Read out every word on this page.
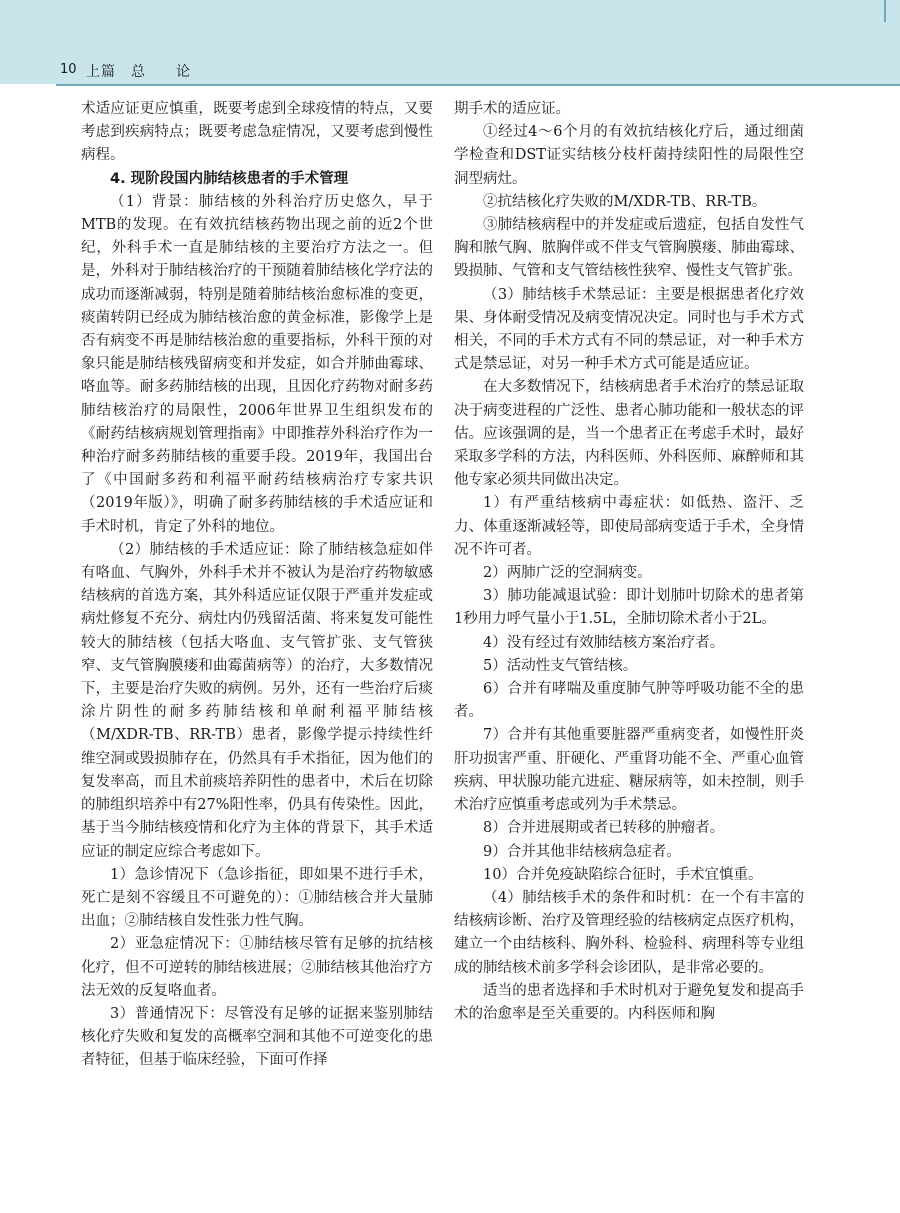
10 上篇　总　　论

术适应证更应慎重，既要考虑到全球疫情的特点，又要考虑到疾病特点；既要考虑急症情况，又要考虑到慢性病程。

4. 现阶段国内肺结核患者的手术管理

（1）背景：肺结核的外科治疗历史悠久，早于MTB的发现。在有效抗结核药物出现之前的近2个世纪，外科手术一直是肺结核的主要治疗方法之一。但是，外科对于肺结核治疗的干预随着肺结核化学疗法的成功而逐渐减弱，特别是随着肺结核治愈标准的变更，痰菌转阴已经成为肺结核治愈的黄金标准，影像学上是否有病变不再是肺结核治愈的重要指标，外科干预的对象只能是肺结核残留病变和并发症，如合并肺曲霉球、咯血等。耐多药肺结核的出现，且因化疗药物对耐多药肺结核治疗的局限性，2006年世界卫生组织发布的《耐药结核病规划管理指南》中即推荐外科治疗作为一种治疗耐多药肺结核的重要手段。2019年，我国出台了《中国耐多药和利福平耐药结核病治疗专家共识（2019年版）》，明确了耐多药肺结核的手术适应证和手术时机，肯定了外科的地位。

（2）肺结核的手术适应证：除了肺结核急症如伴有咯血、气胸外，外科手术并不被认为是治疗药物敏感结核病的首选方案，其外科适应证仅限于严重并发症或病灶修复不充分、病灶内仍残留活菌、将来复发可能性较大的肺结核（包括大咯血、支气管扩张、支气管狭窄、支气管胸膜瘘和曲霉菌病等）的治疗，大多数情况下，主要是治疗失败的病例。另外，还有一些治疗后痰涂片阴性的耐多药肺结核和单耐利福平肺结核（M/XDR-TB、RR-TB）患者，影像学提示持续性纤维空洞或毁损肺存在，仍然具有手术指征，因为他们的复发率高，而且术前痰培养阴性的患者中，术后在切除的肺组织培养中有27%阳性率，仍具有传染性。因此，基于当今肺结核疫情和化疗为主体的背景下，其手术适应证的制定应综合考虑如下。

1）急诊情况下（急诊指征，即如果不进行手术，死亡是刻不容缓且不可避免的）：①肺结核合并大量肺出血；②肺结核自发性张力性气胸。

2）亚急症情况下：①肺结核尽管有足够的抗结核化疗，但不可逆转的肺结核进展；②肺结核其他治疗方法无效的反复咯血者。

3）普通情况下：尽管没有足够的证据来鉴别肺结核化疗失败和复发的高概率空洞和其他不可逆变化的患者特征，但基于临床经验，下面可作择

期手术的适应证。

①经过4～6个月的有效抗结核化疗后，通过细菌学检查和DST证实结核分枝杆菌持续阳性的局限性空洞型病灶。

②抗结核化疗失败的M/XDR-TB、RR-TB。

③肺结核病程中的并发症或后遗症，包括自发性气胸和脓气胸、脓胸伴或不伴支气管胸膜瘘、肺曲霉球、毁损肺、气管和支气管结核性狭窄、慢性支气管扩张。

（3）肺结核手术禁忌证：主要是根据患者化疗效果、身体耐受情况及病变情况决定。同时也与手术方式相关，不同的手术方式有不同的禁忌证，对一种手术方式是禁忌证，对另一种手术方式可能是适应证。

在大多数情况下，结核病患者手术治疗的禁忌证取决于病变进程的广泛性、患者心肺功能和一般状态的评估。应该强调的是，当一个患者正在考虑手术时，最好采取多学科的方法，内科医师、外科医师、麻醉师和其他专家必须共同做出决定。

1）有严重结核病中毒症状：如低热、盗汗、乏力、体重逐渐减轻等，即使局部病变适于手术，全身情况不许可者。

2）两肺广泛的空洞病变。

3）肺功能减退试验：即计划肺叶切除术的患者第1秒用力呼气量小于1.5L，全肺切除术者小于2L。

4）没有经过有效肺结核方案治疗者。

5）活动性支气管结核。

6）合并有哮喘及重度肺气肿等呼吸功能不全的患者。

7）合并有其他重要脏器严重病变者，如慢性肝炎肝功损害严重、肝硬化、严重肾功能不全、严重心血管疾病、甲状腺功能亢进症、糖尿病等，如未控制，则手术治疗应慎重考虑或列为手术禁忌。

8）合并进展期或者已转移的肿瘤者。

9）合并其他非结核病急症者。

10）合并免疫缺陷综合征时，手术宜慎重。

（4）肺结核手术的条件和时机：在一个有丰富的结核病诊断、治疗及管理经验的结核病定点医疗机构，建立一个由结核科、胸外科、检验科、病理科等专业组成的肺结核术前多学科会诊团队，是非常必要的。

适当的患者选择和手术时机对于避免复发和提高手术的治愈率是至关重要的。内科医师和胸
